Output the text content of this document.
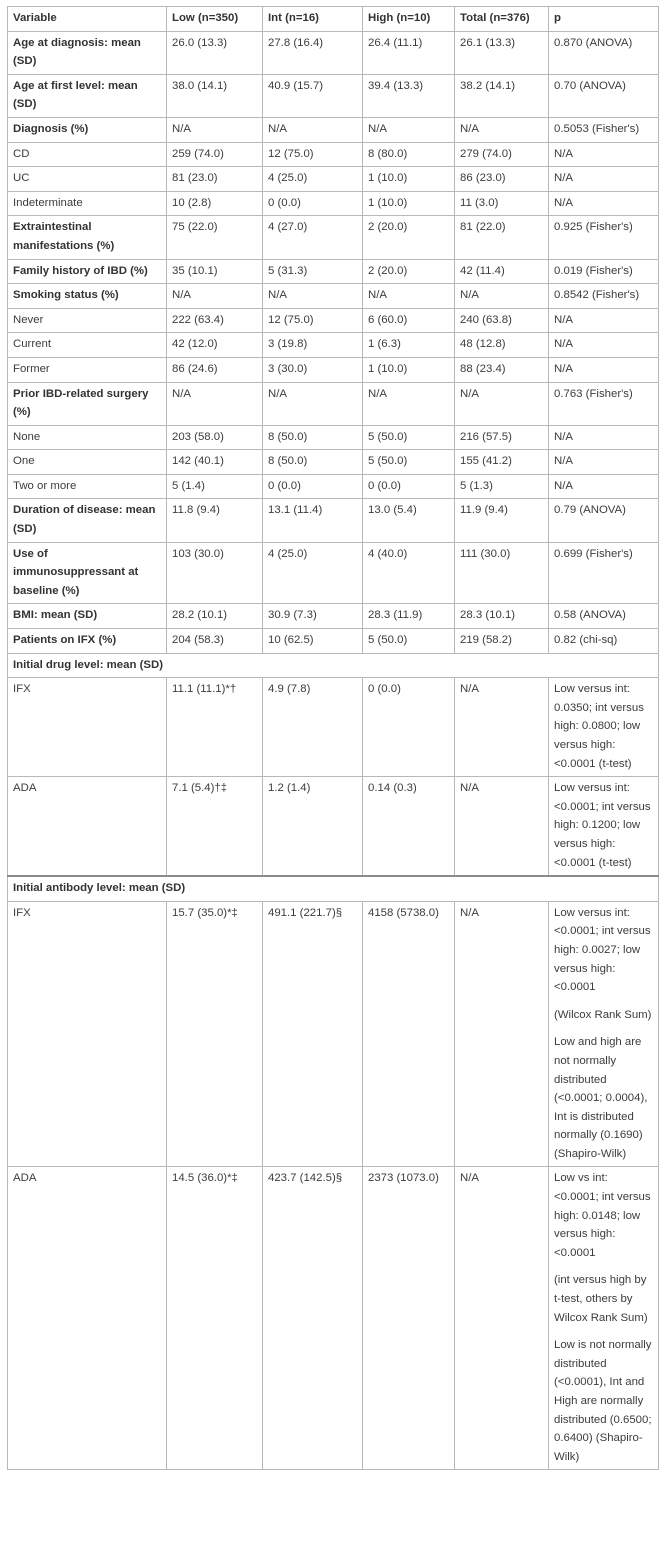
Variable	Low (n=350)	Int (n=16)	High (n=10)	Total (n=376)	p
Age at diagnosis: mean (SD)	26.0 (13.3)	27.8 (16.4)	26.4 (11.1)	26.1 (13.3)	0.870 (ANOVA)
Age at first level: mean (SD)	38.0 (14.1)	40.9 (15.7)	39.4 (13.3)	38.2 (14.1)	0.70 (ANOVA)
Diagnosis (%)	N/A	N/A	N/A	N/A	0.5053 (Fisher's)
CD	259 (74.0)	12 (75.0)	8 (80.0)	279 (74.0)	N/A
UC	81 (23.0)	4 (25.0)	1 (10.0)	86 (23.0)	N/A
Indeterminate	10 (2.8)	0 (0.0)	1 (10.0)	11 (3.0)	N/A
Extraintestinal manifestations (%)	75 (22.0)	4 (27.0)	2 (20.0)	81 (22.0)	0.925 (Fisher's)
Family history of IBD (%)	35 (10.1)	5 (31.3)	2 (20.0)	42 (11.4)	0.019 (Fisher's)
Smoking status (%)	N/A	N/A	N/A	N/A	0.8542 (Fisher's)
Never	222 (63.4)	12 (75.0)	6 (60.0)	240 (63.8)	N/A
Current	42 (12.0)	3 (19.8)	1 (6.3)	48 (12.8)	N/A
Former	86 (24.6)	3 (30.0)	1 (10.0)	88 (23.4)	N/A
Prior IBD-related surgery (%)	N/A	N/A	N/A	N/A	0.763 (Fisher's)
None	203 (58.0)	8 (50.0)	5 (50.0)	216 (57.5)	N/A
One	142 (40.1)	8 (50.0)	5 (50.0)	155 (41.2)	N/A
Two or more	5 (1.4)	0 (0.0)	0 (0.0)	5 (1.3)	N/A
Duration of disease: mean (SD)	11.8 (9.4)	13.1 (11.4)	13.0 (5.4)	11.9 (9.4)	0.79 (ANOVA)
Use of immunosuppressant at baseline (%)	103 (30.0)	4 (25.0)	4 (40.0)	111 (30.0)	0.699 (Fisher's)
BMI: mean (SD)	28.2 (10.1)	30.9 (7.3)	28.3 (11.9)	28.3 (10.1)	0.58 (ANOVA)
Patients on IFX (%)	204 (58.3)	10 (62.5)	5 (50.0)	219 (58.2)	0.82 (chi-sq)
Initial drug level: mean (SD)					
IFX	11.1 (11.1)*†	4.9 (7.8)	0 (0.0)	N/A	Low versus int: 0.0350; int versus high: 0.0800; low versus high: <0.0001 (t-test)

ADA	7.1 (5.4)†‡	1.2 (1.4)	0.14 (0.3)	N/A	Low versus int: <0.0001; int versus high: 0.1200; low versus high: <0.0001 (t-test)

Initial antibody level: mean (SD)					
IFX	15.7 (35.0)*‡	491.1 (221.7)§	4158 (5738.0)	N/A	Low versus int: <0.0001; int versus high: 0.0027; low versus high: <0.0001

(Wilcox Rank Sum)

Low and high are not normally distributed (<0.0001; 0.0004), Int is distributed normally (0.1690) (Shapiro-Wilk)

ADA	14.5 (36.0)*‡	423.7 (142.5)§	2373 (1073.0)	N/A	Low vs int: <0.0001; int versus high: 0.0148; low versus high: <0.0001

(int versus high by t-test, others by Wilcox Rank Sum)

Low is not normally distributed (<0.0001), Int and High are normally distributed (0.6500; 0.6400) (Shapiro-Wilk)
